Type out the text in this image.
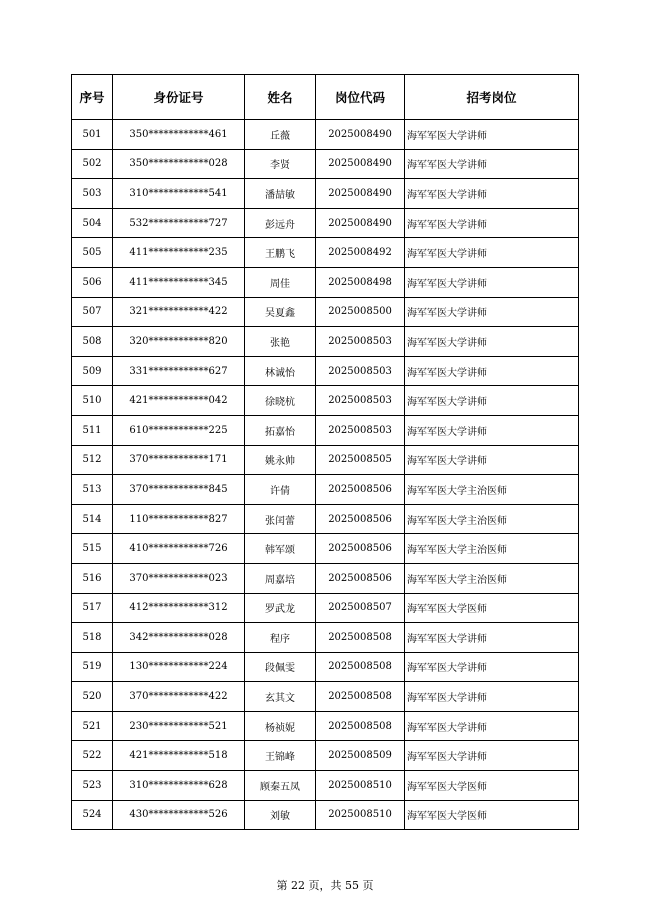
序号	身份证号	姓名	岗位代码	招考岗位
501	350************461	丘薇	2025008490	海军军医大学讲师
502	350************028	李贤	2025008490	海军军医大学讲师
503	310************541	潘喆敏	2025008490	海军军医大学讲师
504	532************727	彭远舟	2025008490	海军军医大学讲师
505	411************235	王鹏飞	2025008492	海军军医大学讲师
506	411************345	周佳	2025008498	海军军医大学讲师
507	321************422	吴夏鑫	2025008500	海军军医大学讲师
508	320************820	张艳	2025008503	海军军医大学讲师
509	331************627	林诚怡	2025008503	海军军医大学讲师
510	421************042	徐晓杭	2025008503	海军军医大学讲师
511	610************225	拓嘉怡	2025008503	海军军医大学讲师
512	370************171	姚永帅	2025008505	海军军医大学讲师
513	370************845	许倩	2025008506	海军军医大学主治医师
514	110************827	张闰蕾	2025008506	海军军医大学主治医师
515	410************726	韩军颂	2025008506	海军军医大学主治医师
516	370************023	周嘉培	2025008506	海军军医大学主治医师
517	412************312	罗武龙	2025008507	海军军医大学医师
518	342************028	程序	2025008508	海军军医大学讲师
519	130************224	段佩雯	2025008508	海军军医大学讲师
520	370************422	玄其文	2025008508	海军军医大学讲师
521	230************521	杨祯妮	2025008508	海军军医大学讲师
522	421************518	王锦峰	2025008509	海军军医大学讲师
523	310************628	顾秦五凤	2025008510	海军军医大学医师
524	430************526	刘敏	2025008510	海军军医大学医师
第 22 页，共 55 页
